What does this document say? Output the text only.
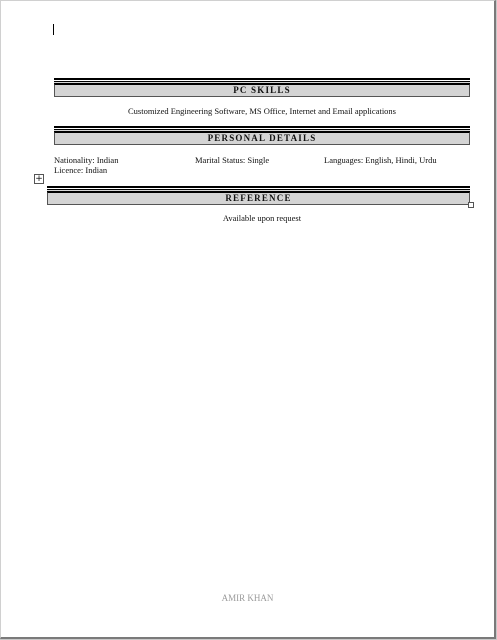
PC SKILLS
Customized Engineering Software, MS Office, Internet and Email applications
PERSONAL DETAILS
Nationality: Indian	Marital Status: Single	Languages: English, Hindi, Urdu
Licence: Indian
+
REFERENCE
Available upon request
AMIR KHAN
